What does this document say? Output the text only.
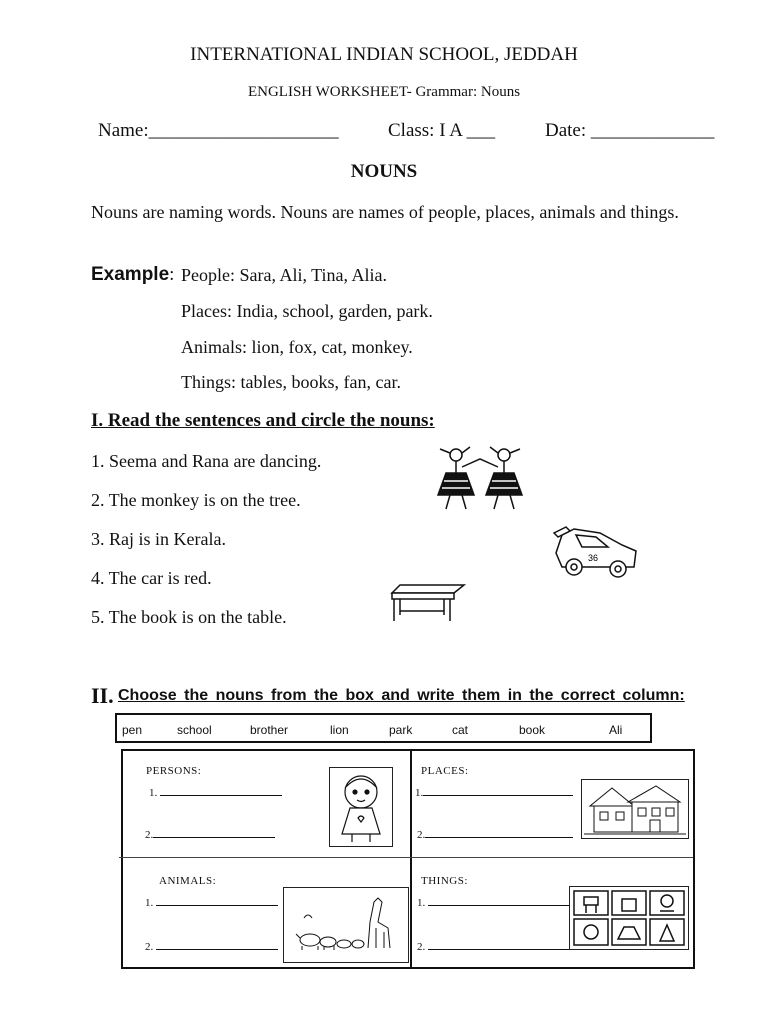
INTERNATIONAL INDIAN SCHOOL, JEDDAH
ENGLISH WORKSHEET- Grammar: Nouns
Name:____________________	Class: I A ___	Date: _____________
NOUNS
Nouns are naming words. Nouns are names of people, places, animals and things.
Example: People: Sara, Ali, Tina, Alia.
Places: India, school, garden, park.
Animals: lion, fox, cat, monkey.
Things: tables, books, fan, car.
I. Read the sentences and circle the nouns:
1. Seema and Rana are dancing.
2. The monkey is on the tree.
3. Raj is in Kerala.
4. The car is red.
5. The book is on the table.
36
II. Choose the nouns from the box and write them in the correct column:
pen	school	brother	lion	park	cat	book	Ali
PERSONS:
1.
2.
PLACES:
1.
2.
ANIMALS:
1.
2.
THINGS:
1.
2.
